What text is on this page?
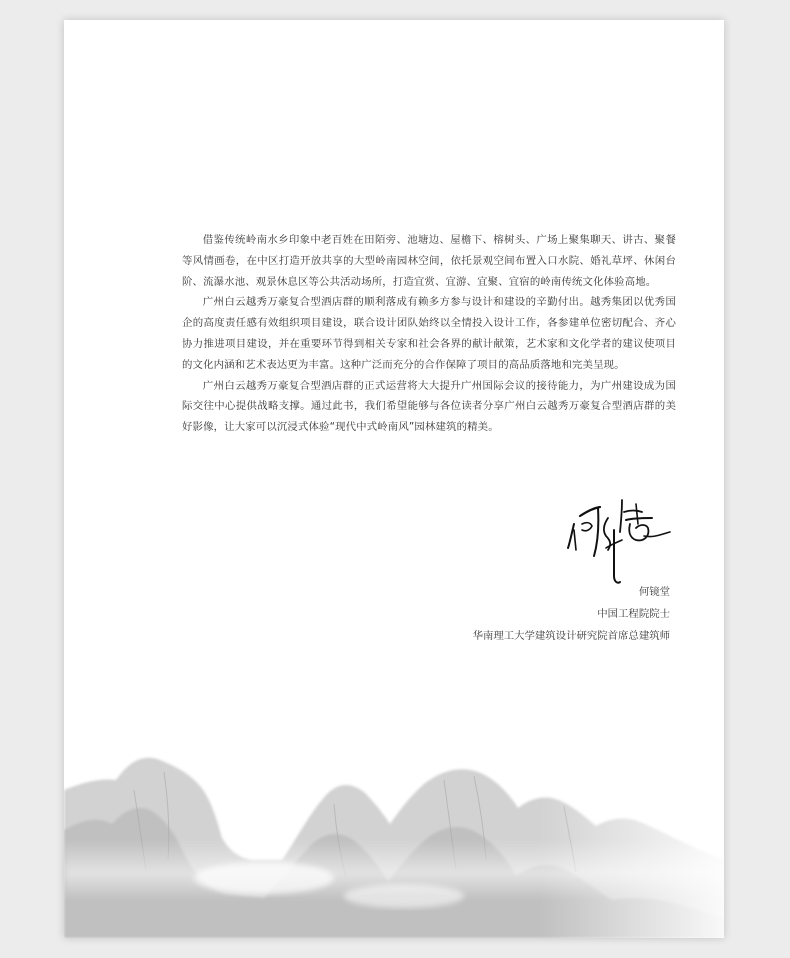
借鉴传统岭南水乡印象中老百姓在田陌旁、池塘边、屋檐下、榕树头、广场上聚集聊天、讲古、聚餐等风情画卷，在中区打造开放共享的大型岭南园林空间，依托景观空间布置入口水院、婚礼草坪、休闲台阶、流瀑水池、观景休息区等公共活动场所，打造宜赏、宜游、宜聚、宜宿的岭南传统文化体验高地。

广州白云越秀万豪复合型酒店群的顺利落成有赖多方参与设计和建设的辛勤付出。越秀集团以优秀国企的高度责任感有效组织项目建设，联合设计团队始终以全情投入设计工作，各参建单位密切配合、齐心协力推进项目建设，并在重要环节得到相关专家和社会各界的献计献策，艺术家和文化学者的建议使项目的文化内涵和艺术表达更为丰富。这种广泛而充分的合作保障了项目的高品质落地和完美呈现。

广州白云越秀万豪复合型酒店群的正式运营将大大提升广州国际会议的接待能力，为广州建设成为国际交往中心提供战略支撑。通过此书，我们希望能够与各位读者分享广州白云越秀万豪复合型酒店群的美好影像，让大家可以沉浸式体验“现代中式岭南风”园林建筑的精美。

何镜堂
中国工程院院士
华南理工大学建筑设计研究院首席总建筑师
